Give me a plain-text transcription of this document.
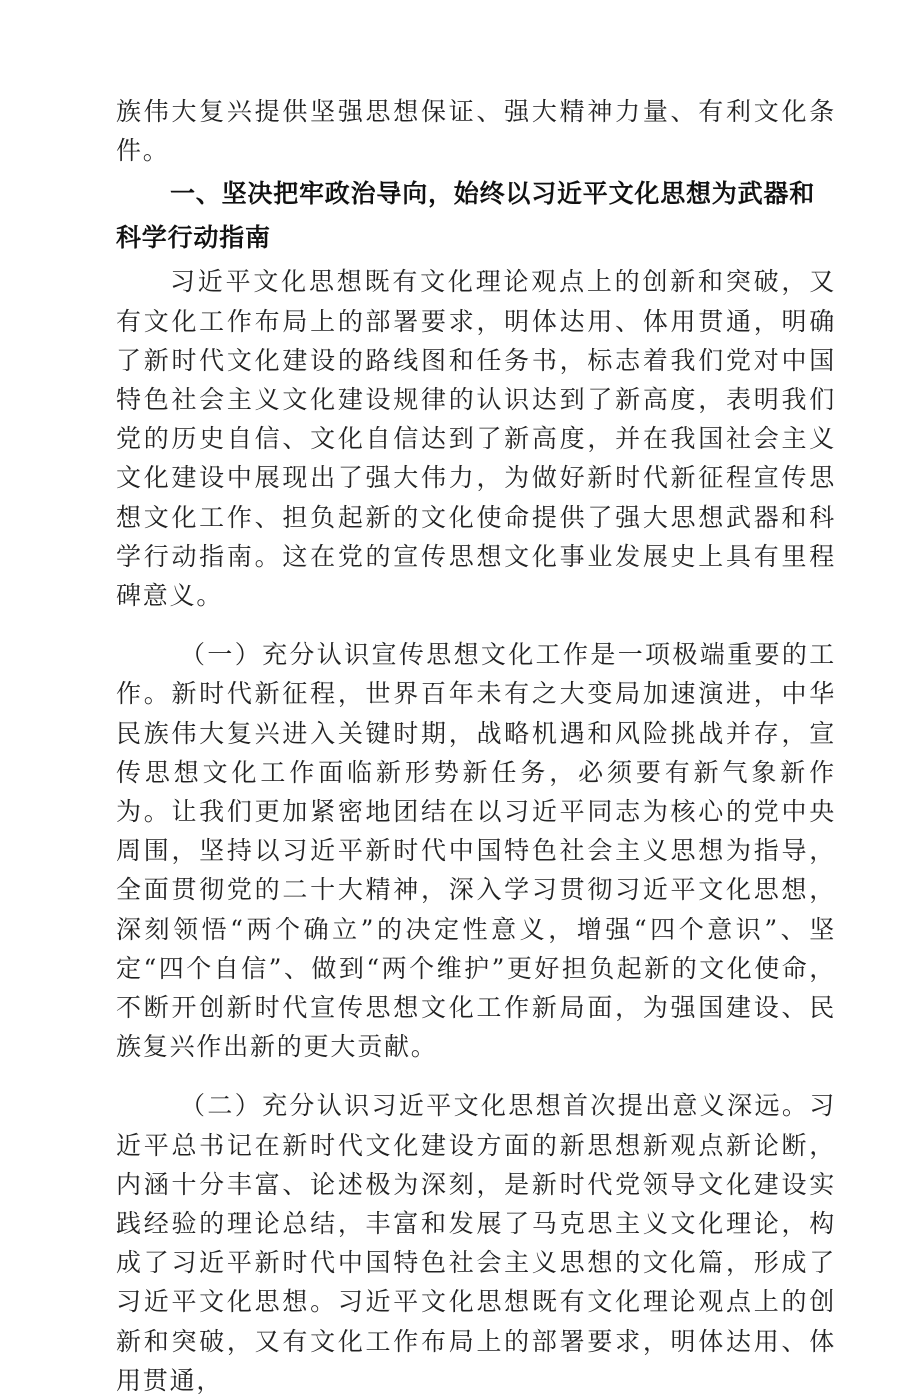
族伟大复兴提供坚强思想保证、强大精神力量、有利文化条件。

一、坚决把牢政治导向，始终以习近平文化思想为武器和科学行动指南

习近平文化思想既有文化理论观点上的创新和突破，又有文化工作布局上的部署要求，明体达用、体用贯通，明确了新时代文化建设的路线图和任务书，标志着我们党对中国特色社会主义文化建设规律的认识达到了新高度，表明我们党的历史自信、文化自信达到了新高度，并在我国社会主义文化建设中展现出了强大伟力，为做好新时代新征程宣传思想文化工作、担负起新的文化使命提供了强大思想武器和科学行动指南。这在党的宣传思想文化事业发展史上具有里程碑意义。

（一）充分认识宣传思想文化工作是一项极端重要的工作。新时代新征程，世界百年未有之大变局加速演进，中华民族伟大复兴进入关键时期，战略机遇和风险挑战并存，宣传思想文化工作面临新形势新任务，必须要有新气象新作为。让我们更加紧密地团结在以习近平同志为核心的党中央周围，坚持以习近平新时代中国特色社会主义思想为指导，全面贯彻党的二十大精神，深入学习贯彻习近平文化思想，深刻领悟“两个确立”的决定性意义，增强“四个意识”、坚定“四个自信”、做到“两个维护”更好担负起新的文化使命，不断开创新时代宣传思想文化工作新局面，为强国建设、民族复兴作出新的更大贡献。

（二）充分认识习近平文化思想首次提出意义深远。习近平总书记在新时代文化建设方面的新思想新观点新论断，内涵十分丰富、论述极为深刻，是新时代党领导文化建设实践经验的理论总结，丰富和发展了马克思主义文化理论，构成了习近平新时代中国特色社会主义思想的文化篇，形成了习近平文化思想。习近平文化思想既有文化理论观点上的创新和突破，又有文化工作布局上的部署要求，明体达用、体用贯通，
